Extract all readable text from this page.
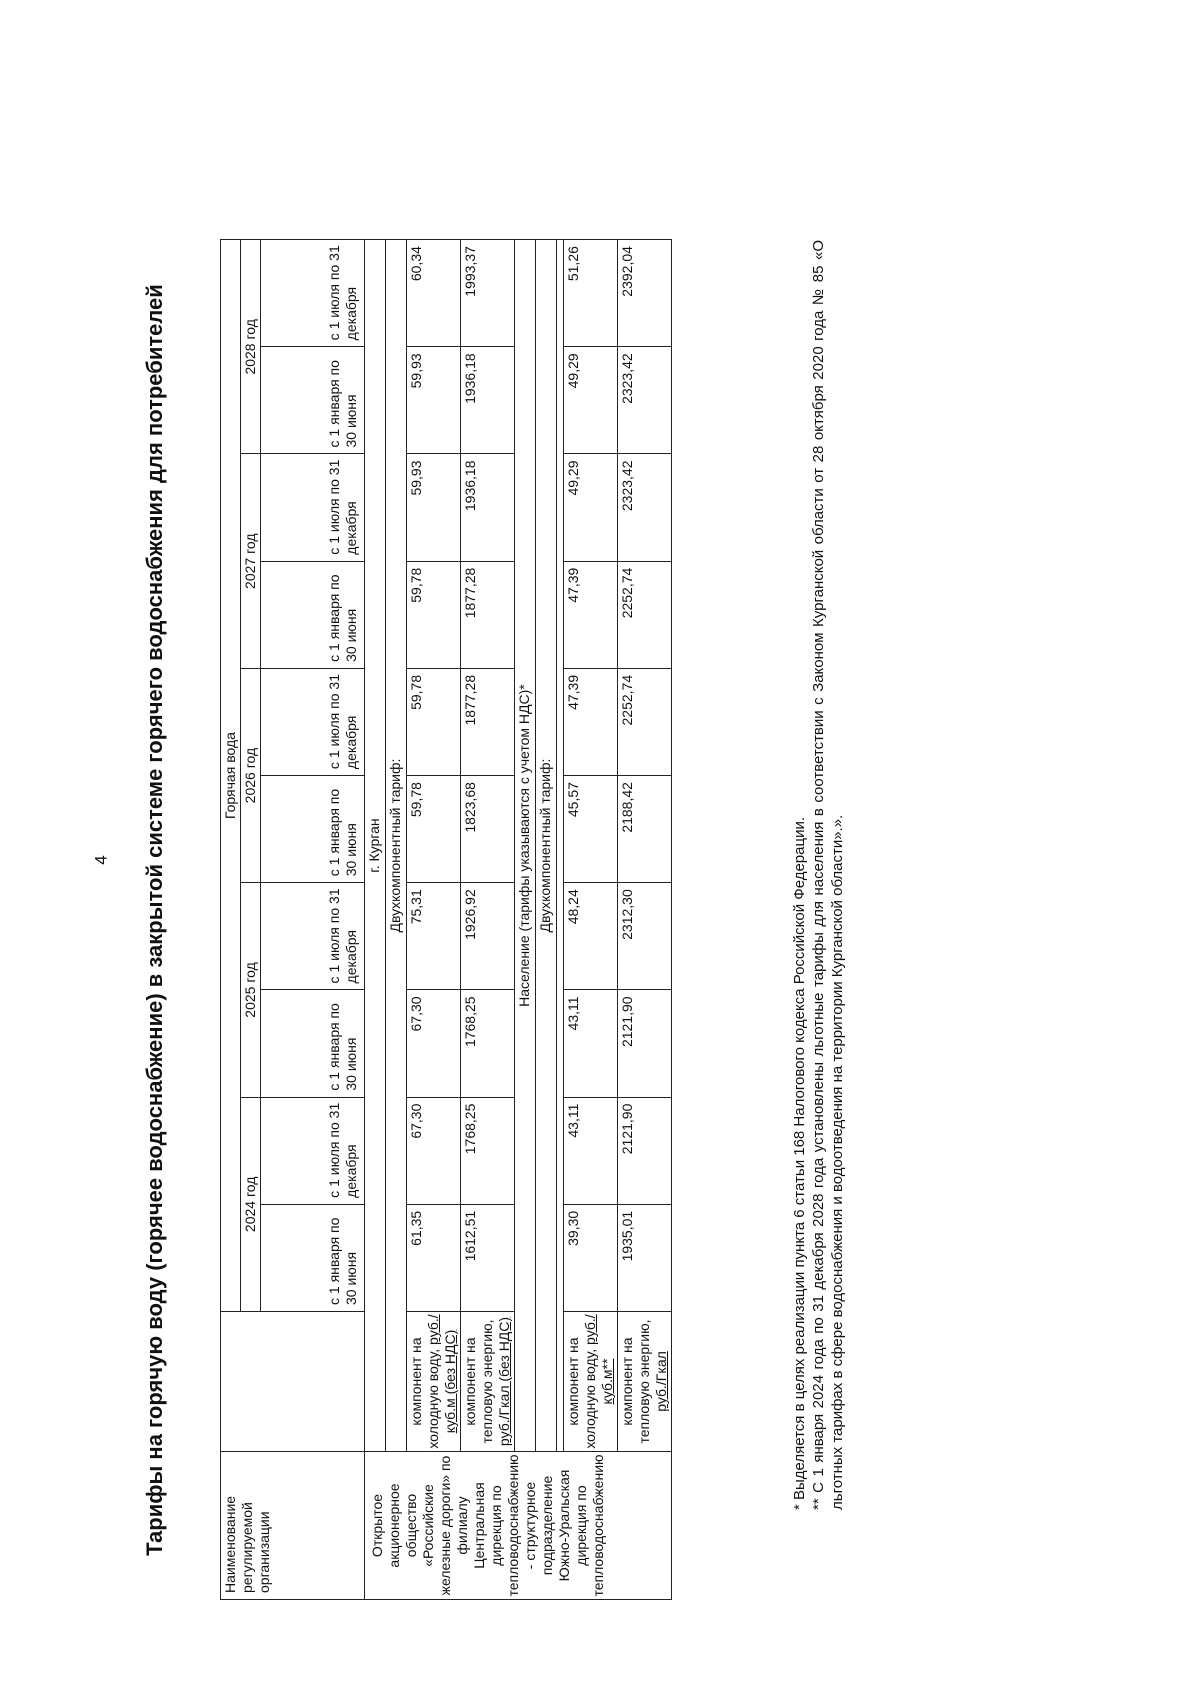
4 Тарифы на горячую воду (горячее водоснабжение) в закрытой системе горячего водоснабжения для потребителей	Наименование регулируемой организации		Горячая вода									
		2024 год		2025 год		2026 год		2027 год		2028 год	
		с 1 января по 30 июня	с 1 июля по 31 декабря	с 1 января по 30 июня	с 1 июля по 31 декабря	с 1 января по 30 июня	с 1 июля по 31 декабря	с 1 января по 30 июня	с 1 июля по 31 декабря	с 1 января по 30 июня	с 1 июля по 31 декабря
Открытое акционерное общество «Российские железные дороги» по филиалу Центральная дирекция по тепловодоснабжению - структурное подразделение Южно-Уральская дирекция по тепловодоснабжению	г. Курган										
	Двухкомпонентный тариф:										
	компонент на холодную воду, руб./куб.м (без НДС)	61,35	67,30	67,30	75,31	59,78	59,78	59,78	59,93	59,93	60,34
	компонент на тепловую энергию, руб./Гкал (без НДС)	1612,51	1768,25	1768,25	1926,92	1823,68	1877,28	1877,28	1936,18	1936,18	1993,37
	Население (тарифы указываются с учетом НДС)*										
	Двухкомпонентный тариф:										

	компонент на холодную воду, руб./куб.м**	39,30	43,11	43,11	48,24	45,57	47,39	47,39	49,29	49,29	51,26
	компонент на тепловую энергию, руб./Гкал	1935,01	2121,90	2121,90	2312,30	2188,42	2252,74	2252,74	2323,42	2323,42	2392,04

* Выделяется в целях реализации пункта 6 статьи 168 Налогового кодекса Российской Федерации. ** С 1 января 2024 года по 31 декабря 2028 года установлены льготные тарифы для населения в соответствии с Законом Курганской области от 28 октября 2020 года № 85 «О льготных тарифах в сфере водоснабжения и водоотведения на территории Курганской области».».
